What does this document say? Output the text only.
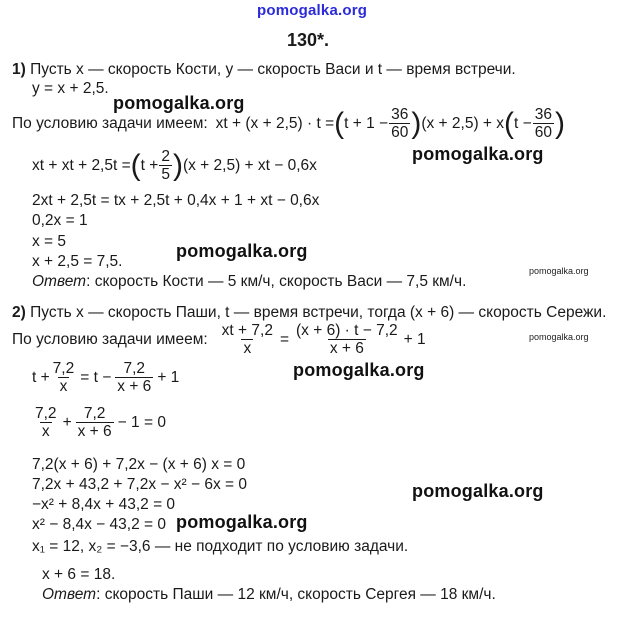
pomogalka.org
130*.
1) Пусть x — скорость Кости, y — скорость Васи и t — время встречи.
y = x + 2,5.
pomogalka.org
По условию задачи имеем: xt + (x + 2,5) · t = ( $t + 1 - \frac{36}{60}$ ) (x + 2,5) + x ( $t - \frac{36}{60}$ )
pomogalka.org
xt + xt + 2,5t = ( $t + \frac{2}{5}$ ) (x + 2,5) + xt − 0,6x
2xt + 2,5t = tx + 2,5t + 0,4x + 1 + xt − 0,6x
0,2x = 1
x = 5	pomogalka.org
x + 2,5 = 7,5.
Ответ: скорость Кости — 5 км/ч, скорость Васи — 7,5 км/ч.
pomogalka.org
2) Пусть x — скорость Паши, t — время встречи, тогда (x + 6) — скорость Сережи.
По условию задачи имеем: $\frac{xt + 7,2}{x} = \frac{(x + 6) \cdot t - 7,2}{x + 6} + 1$	pomogalka.org
$t + \frac{7,2}{x} = t - \frac{7,2}{x + 6} + 1$	pomogalka.org
$\frac{7,2}{x} + \frac{7,2}{x + 6} - 1 = 0$
7,2(x + 6) + 7,2x − (x + 6) x = 0
7,2x + 43,2 + 7,2x − x² − 6x = 0
−x² + 8,4x + 43,2 = 0
pomogalka.org
x² − 8,4x − 43,2 = 0 pomogalka.org
x₁ = 12, x₂ = −3,6 — не подходит по условию задачи.
x + 6 = 18.
Ответ: скорость Паши — 12 км/ч, скорость Сергея — 18 км/ч.
